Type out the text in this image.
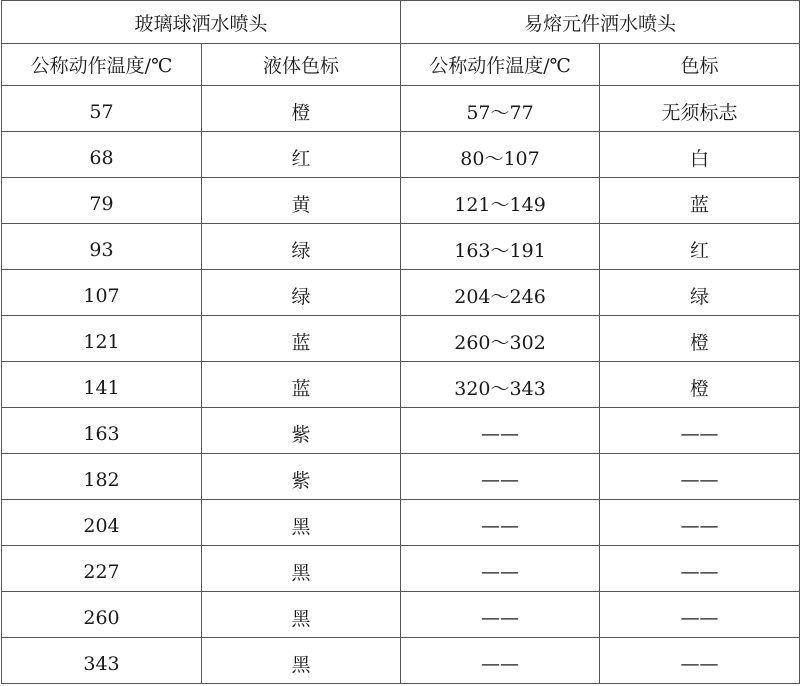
玻璃球洒水喷头		易熔元件洒水喷头	
公称动作温度/℃	液体色标	公称动作温度/℃	色标
57	橙	57～77	无须标志
68	红	80～107	白
79	黄	121～149	蓝
93	绿	163～191	红
107	绿	204～246	绿
121	蓝	260～302	橙
141	蓝	320～343	橙
163	紫	——	——
182	紫	——	——
204	黑	——	——
227	黑	——	——
260	黑	——	——
343	黑	——	——
